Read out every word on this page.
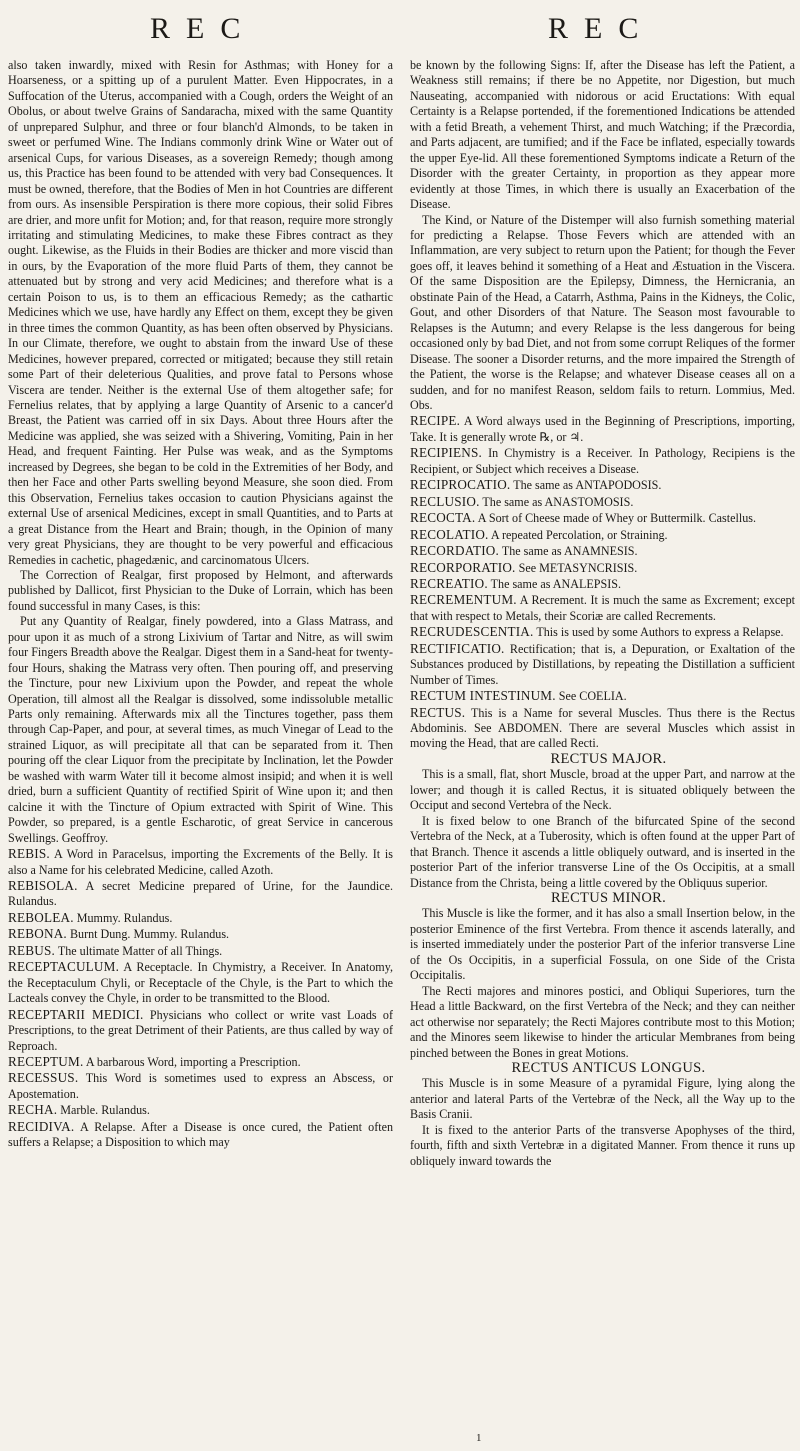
REC	REC

also taken inwardly, mixed with Resin for Asthmas; with Honey for a Hoarseness, or a spitting up of a purulent Matter. Even Hippocrates, in a Suffocation of the Uterus, accompanied with a Cough, orders the Weight of an Obolus, or about twelve Grains of Sandaracha, mixed with the same Quantity of unprepared Sulphur, and three or four blanch'd Almonds, to be taken in sweet or perfumed Wine. The Indians commonly drink Wine or Water out of arsenical Cups, for various Diseases, as a sovereign Remedy; though among us, this Practice has been found to be attended with very bad Consequences. It must be owned, therefore, that the Bodies of Men in hot Countries are different from ours. As insensible Perspiration is there more copious, their solid Fibres are drier, and more unfit for Motion; and, for that reason, require more strongly irritating and stimulating Medicines, to make these Fibres contract as they ought. Likewise, as the Fluids in their Bodies are thicker and more viscid than in ours, by the Evaporation of the more fluid Parts of them, they cannot be attenuated but by strong and very acid Medicines; and therefore what is a certain Poison to us, is to them an efficacious Remedy; as the cathartic Medicines which we use, have hardly any Effect on them, except they be given in three times the common Quantity, as has been often observed by Physicians. In our Climate, therefore, we ought to abstain from the inward Use of these Medicines, however prepared, corrected or mitigated; because they still retain some Part of their deleterious Qualities, and prove fatal to Persons whose Viscera are tender. Neither is the external Use of them altogether safe; for Fernelius relates, that by applying a large Quantity of Arsenic to a cancer'd Breast, the Patient was carried off in six Days. About three Hours after the Medicine was applied, she was seized with a Shivering, Vomiting, Pain in her Head, and frequent Fainting. Her Pulse was weak, and as the Symptoms increased by Degrees, she began to be cold in the Extremities of her Body, and then her Face and other Parts swelling beyond Measure, she soon died. From this Observation, Fernelius takes occasion to caution Physicians against the external Use of arsenical Medicines, except in small Quantities, and to Parts at a great Distance from the Heart and Brain; though, in the Opinion of many very great Physicians, they are thought to be very powerful and efficacious Remedies in cachetic, phagedænic, and carcinomatous Ulcers.

The Correction of Realgar, first proposed by Helmont, and afterwards published by Dallicot, first Physician to the Duke of Lorrain, which has been found successful in many Cases, is this:

Put any Quantity of Realgar, finely powdered, into a Glass Matrass, and pour upon it as much of a strong Lixivium of Tartar and Nitre, as will swim four Fingers Breadth above the Realgar. Digest them in a Sand-heat for twenty-four Hours, shaking the Matrass very often. Then pouring off, and preserving the Tincture, pour new Lixivium upon the Powder, and repeat the whole Operation, till almost all the Realgar is dissolved, some indissoluble metallic Parts only remaining. Afterwards mix all the Tinctures together, pass them through Cap-Paper, and pour, at several times, as much Vinegar of Lead to the strained Liquor, as will precipitate all that can be separated from it. Then pouring off the clear Liquor from the precipitate by Inclination, let the Powder be washed with warm Water till it become almost insipid; and when it is well dried, burn a sufficient Quantity of rectified Spirit of Wine upon it; and then calcine it with the Tincture of Opium extracted with Spirit of Wine. This Powder, so prepared, is a gentle Escharotic, of great Service in cancerous Swellings. Geoffroy.

REBIS. A Word in Paracelsus, importing the Excrements of the Belly. It is also a Name for his celebrated Medicine, called Azoth.

REBISOLA. A secret Medicine prepared of Urine, for the Jaundice. Rulandus.

REBOLEA. Mummy. Rulandus.

REBONA. Burnt Dung. Mummy. Rulandus.

REBUS. The ultimate Matter of all Things.

RECEPTACULUM. A Receptacle. In Chymistry, a Receiver. In Anatomy, the Receptaculum Chyli, or Receptacle of the Chyle, is the Part to which the Lacteals convey the Chyle, in order to be transmitted to the Blood.

RECEPTARII MEDICI. Physicians who collect or write vast Loads of Prescriptions, to the great Detriment of their Patients, are thus called by way of Reproach.

RECEPTUM. A barbarous Word, importing a Prescription.

RECESSUS. This Word is sometimes used to express an Abscess, or Apostemation.

RECHA. Marble. Rulandus.

RECIDIVA. A Relapse. After a Disease is once cured, the Patient often suffers a Relapse; a Disposition to which may

be known by the following Signs: If, after the Disease has left the Patient, a Weakness still remains; if there be no Appetite, nor Digestion, but much Nauseating, accompanied with nidorous or acid Eructations: With equal Certainty is a Relapse portended, if the forementioned Indications be attended with a fetid Breath, a vehement Thirst, and much Watching; if the Præcordia, and Parts adjacent, are tumified; and if the Face be inflated, especially towards the upper Eye-lid. All these forementioned Symptoms indicate a Return of the Disorder with the greater Certainty, in proportion as they appear more evidently at those Times, in which there is usually an Exacerbation of the Disease.

The Kind, or Nature of the Distemper will also furnish something material for predicting a Relapse. Those Fevers which are attended with an Inflammation, are very subject to return upon the Patient; for though the Fever goes off, it leaves behind it something of a Heat and Æstuation in the Viscera. Of the same Disposition are the Epilepsy, Dimness, the Hernicrania, an obstinate Pain of the Head, a Catarrh, Asthma, Pains in the Kidneys, the Colic, Gout, and other Disorders of that Nature. The Season most favourable to Relapses is the Autumn; and every Relapse is the less dangerous for being occasioned only by bad Diet, and not from some corrupt Reliques of the former Disease. The sooner a Disorder returns, and the more impaired the Strength of the Patient, the worse is the Relapse; and whatever Disease ceases all on a sudden, and for no manifest Reason, seldom fails to return. Lommius, Med. Obs.

RECIPE. A Word always used in the Beginning of Prescriptions, importing, Take. It is generally wrote ℞, or ♃.

RECIPIENS. In Chymistry is a Receiver. In Pathology, Recipiens is the Recipient, or Subject which receives a Disease.

RECIPROCATIO. The same as ANTAPODOSIS.

RECLUSIO. The same as ANASTOMOSIS.

RECOCTA. A Sort of Cheese made of Whey or Buttermilk. Castellus.

RECOLATIO. A repeated Percolation, or Straining.

RECORDATIO. The same as ANAMNESIS.

RECORPORATIO. See METASYNCRISIS.

RECREATIO. The same as ANALEPSIS.

RECREMENTUM. A Recrement. It is much the same as Excrement; except that with respect to Metals, their Scoriæ are called Recrements.

RECRUDESCENTIA. This is used by some Authors to express a Relapse.

RECTIFICATIO. Rectification; that is, a Depuration, or Exaltation of the Substances produced by Distillations, by repeating the Distillation a sufficient Number of Times.

RECTUM INTESTINUM. See COELIA.

RECTUS. This is a Name for several Muscles. Thus there is the Rectus Abdominis. See ABDOMEN. There are several Muscles which assist in moving the Head, that are called Recti.

RECTUS MAJOR.

This is a small, flat, short Muscle, broad at the upper Part, and narrow at the lower; and though it is called Rectus, it is situated obliquely between the Occiput and second Vertebra of the Neck.

It is fixed below to one Branch of the bifurcated Spine of the second Vertebra of the Neck, at a Tuberosity, which is often found at the upper Part of that Branch. Thence it ascends a little obliquely outward, and is inserted in the posterior Part of the inferior transverse Line of the Os Occipitis, at a small Distance from the Christa, being a little covered by the Obliquus superior.

RECTUS MINOR.

This Muscle is like the former, and it has also a small Insertion below, in the posterior Eminence of the first Vertebra. From thence it ascends laterally, and is inserted immediately under the posterior Part of the inferior transverse Line of the Os Occipitis, in a superficial Fossula, on one Side of the Crista Occipitalis.

The Recti majores and minores postici, and Obliqui Superiores, turn the Head a little Backward, on the first Vertebra of the Neck; and they can neither act otherwise nor separately; the Recti Majores contribute most to this Motion; and the Minores seem likewise to hinder the articular Membranes from being pinched between the Bones in great Motions.

RECTUS ANTICUS LONGUS.

This Muscle is in some Measure of a pyramidal Figure, lying along the anterior and lateral Parts of the Vertebræ of the Neck, all the Way up to the Basis Cranii.

It is fixed to the anterior Parts of the transverse Apophyses of the third, fourth, fifth and sixth Vertebræ in a digitated Manner. From thence it runs up obliquely inward towards the

1
